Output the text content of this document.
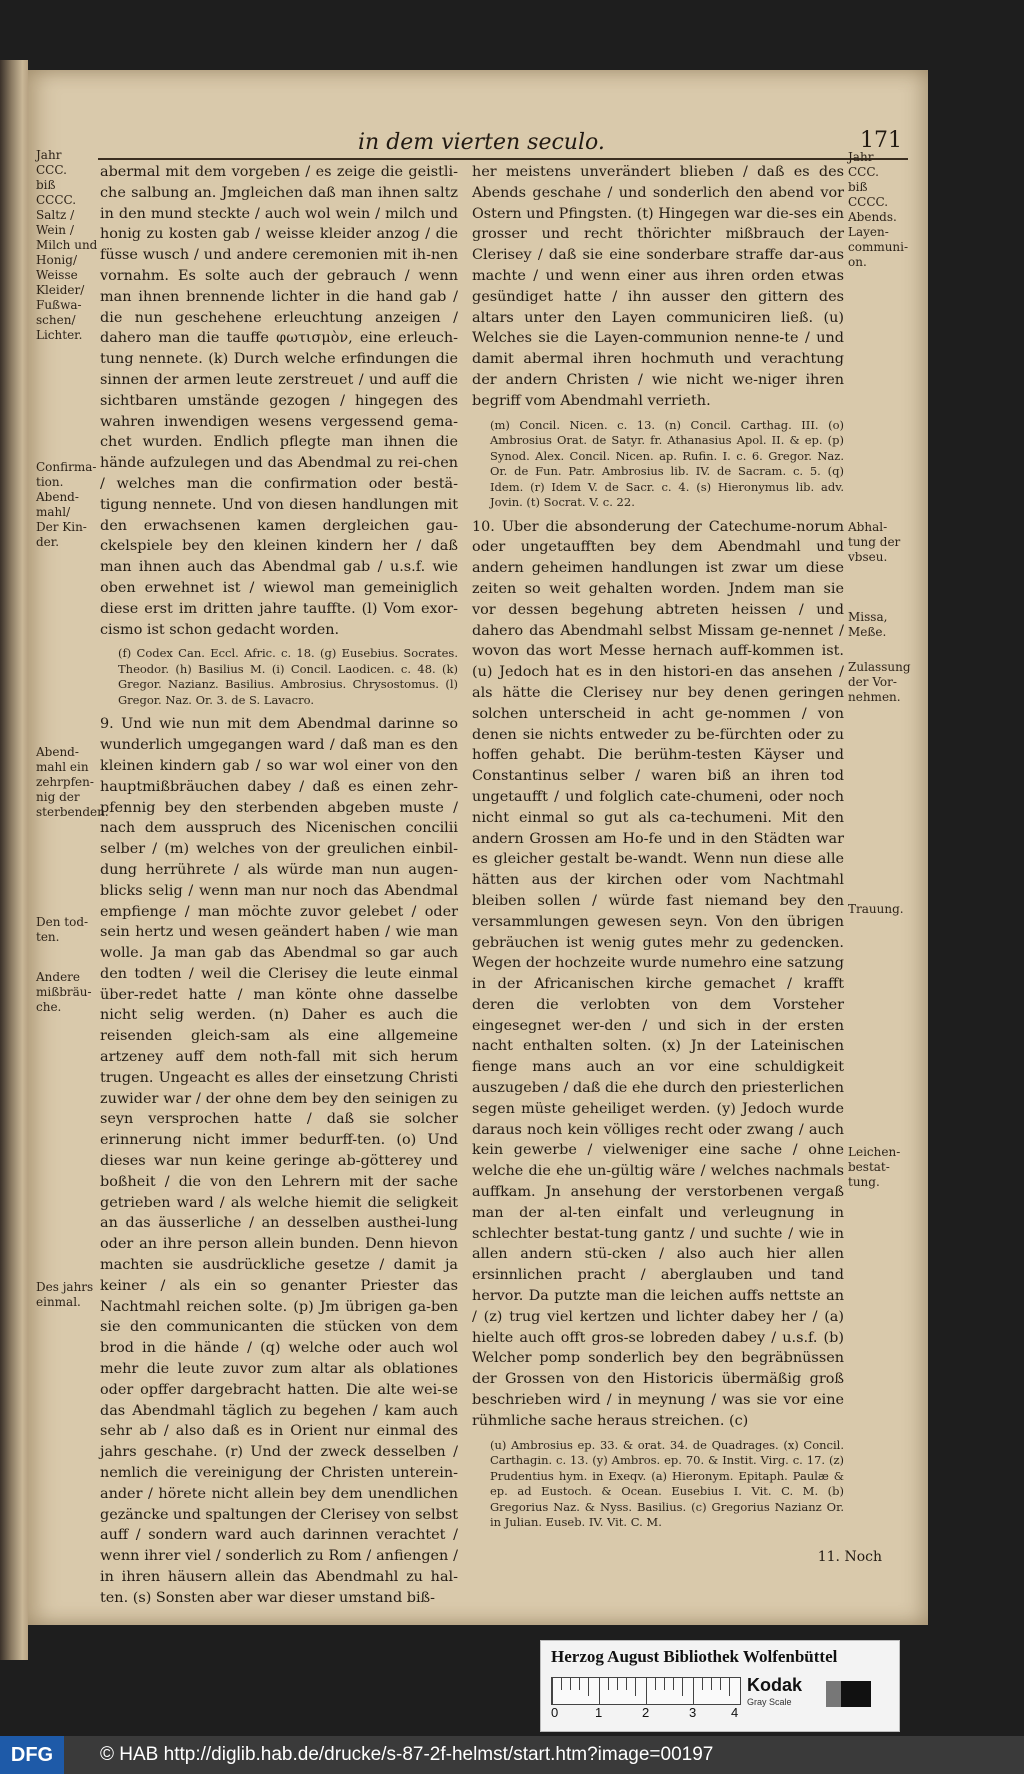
in dem vierten seculo.	171
Jahr
CCC.
biß
CCCC.
Saltz /
Wein /
Milch und
Honig/
Weisse
Kleider/
Fußwa-
schen/
Lichter.
Confirma-
tion.
Abend-
mahl/
Der Kin-
der.
Abend-
mahl ein
zehrpfen-
nig der
sterbenden.
Den tod-
ten.
Andere
mißbräu-
che.
Des jahrs
einmal.
Jahr
CCC.
biß
CCCC.
Abends.
Layen-
communi-
on.
Abhal-
tung der
vbseu.
Missa,
Meße.
Zulassung
der Vor-
nehmen.
Trauung.
Leichen-
bestat-
tung.

abermal mit dem vorgeben / es zeige die geistli-che salbung an. Jmgleichen daß man ihnen saltz in den mund steckte / auch wol wein / milch und honig zu kosten gab / weisse kleider anzog / die füsse wusch / und andere ceremonien mit ih-nen vornahm. Es solte auch der gebrauch / wenn man ihnen brennende lichter in die hand gab / die nun geschehene erleuchtung anzeigen / dahero man die tauffe φωτισμὸν, eine erleuch-tung nennete. (k) Durch welche erfindungen die sinnen der armen leute zerstreuet / und auff die sichtbaren umstände gezogen / hingegen des wahren inwendigen wesens vergessend gema-chet wurden. Endlich pflegte man ihnen die hände aufzulegen und das Abendmal zu rei-chen / welches man die confirmation oder bestä-tigung nennete. Und von diesen handlungen mit den erwachsenen kamen dergleichen gau-ckelspiele bey den kleinen kindern her / daß man ihnen auch das Abendmal gab / u.s.f. wie oben erwehnet ist / wiewol man gemeiniglich diese erst im dritten jahre tauffte. (l) Vom exor-cismo ist schon gedacht worden.

(f) Codex Can. Eccl. Afric. c. 18. (g) Eusebius. Socrates. Theodor. (h) Basilius M. (i) Concil. Laodicen. c. 48. (k) Gregor. Nazianz. Basilius. Ambrosius. Chrysostomus. (l) Gregor. Naz. Or. 3. de S. Lavacro.

9. Und wie nun mit dem Abendmal darinne so wunderlich umgegangen ward / daß man es den kleinen kindern gab / so war wol einer von den hauptmißbräuchen dabey / daß es einen zehr-pfennig bey den sterbenden abgeben muste / nach dem ausspruch des Nicenischen concilii selber / (m) welches von der greulichen einbil-dung herrührete / als würde man nun augen-blicks selig / wenn man nur noch das Abendmal empfienge / man möchte zuvor gelebet / oder sein hertz und wesen geändert haben / wie man wolle. Ja man gab das Abendmal so gar auch den todten / weil die Clerisey die leute einmal über-redet hatte / man könte ohne dasselbe nicht selig werden. (n) Daher es auch die reisenden gleich-sam als eine allgemeine artzeney auff dem noth-fall mit sich herum trugen. Ungeacht es alles der einsetzung Christi zuwider war / der ohne dem bey den seinigen zu seyn versprochen hatte / daß sie solcher erinnerung nicht immer bedurff-ten. (o) Und dieses war nun keine geringe ab-götterey und boßheit / die von den Lehrern mit der sache getrieben ward / als welche hiemit die seligkeit an das äusserliche / an desselben austhei-lung oder an ihre person allein bunden. Denn hievon machten sie ausdrückliche gesetze / damit ja keiner / als ein so genanter Priester das Nachtmahl reichen solte. (p) Jm übrigen ga-ben sie den communicanten die stücken von dem brod in die hände / (q) welche oder auch wol mehr die leute zuvor zum altar als oblationes oder opffer dargebracht hatten. Die alte wei-se das Abendmahl täglich zu begehen / kam auch sehr ab / also daß es in Orient nur einmal des jahrs geschahe. (r) Und der zweck desselben / nemlich die vereinigung der Christen unterein-ander / hörete nicht allein bey dem unendlichen gezäncke und spaltungen der Clerisey von selbst auff / sondern ward auch darinnen verachtet / wenn ihrer viel / sonderlich zu Rom / anfiengen / in ihren häusern allein das Abendmahl zu hal-ten. (s) Sonsten aber war dieser umstand biß-

her meistens unverändert blieben / daß es des Abends geschahe / und sonderlich den abend vor Ostern und Pfingsten. (t) Hingegen war die-ses ein grosser und recht thörichter mißbrauch der Clerisey / daß sie eine sonderbare straffe dar-aus machte / und wenn einer aus ihren orden etwas gesündiget hatte / ihn ausser den gittern des altars unter den Layen communiciren ließ. (u) Welches sie die Layen-communion nenne-te / und damit abermal ihren hochmuth und verachtung der andern Christen / wie nicht we-niger ihren begriff vom Abendmahl verrieth.

(m) Concil. Nicen. c. 13. (n) Concil. Carthag. III. (o) Ambrosius Orat. de Satyr. fr. Athanasius Apol. II. & ep. (p) Synod. Alex. Concil. Nicen. ap. Rufin. I. c. 6. Gregor. Naz. Or. de Fun. Patr. Ambrosius lib. IV. de Sacram. c. 5. (q) Idem. (r) Idem V. de Sacr. c. 4. (s) Hieronymus lib. adv. Jovin. (t) Socrat. V. c. 22.

10. Uber die absonderung der Catechume-norum oder ungetaufften bey dem Abendmahl und andern geheimen handlungen ist zwar um diese zeiten so weit gehalten worden. Jndem man sie vor dessen begehung abtreten heissen / und dahero das Abendmahl selbst Missam ge-nennet / wovon das wort Messe hernach auff-kommen ist. (u) Jedoch hat es in den histori-en das ansehen / als hätte die Clerisey nur bey denen geringen solchen unterscheid in acht ge-nommen / von denen sie nichts entweder zu be-fürchten oder zu hoffen gehabt. Die berühm-testen Käyser und Constantinus selber / waren biß an ihren tod ungetaufft / und folglich cate-chumeni, oder noch nicht einmal so gut als ca-techumeni. Mit den andern Grossen am Ho-fe und in den Städten war es gleicher gestalt be-wandt. Wenn nun diese alle hätten aus der kirchen oder vom Nachtmahl bleiben sollen / würde fast niemand bey den versammlungen gewesen seyn. Von den übrigen gebräuchen ist wenig gutes mehr zu gedencken. Wegen der hochzeite wurde numehro eine satzung in der Africanischen kirche gemachet / krafft deren die verlobten von dem Vorsteher eingesegnet wer-den / und sich in der ersten nacht enthalten solten. (x) Jn der Lateinischen fienge mans auch an vor eine schuldigkeit auszugeben / daß die ehe durch den priesterlichen segen müste geheiliget werden. (y) Jedoch wurde daraus noch kein völliges recht oder zwang / auch kein gewerbe / vielweniger eine sache / ohne welche die ehe un-gültig wäre / welches nachmals auffkam. Jn ansehung der verstorbenen vergaß man der al-ten einfalt und verleugnung in schlechter bestat-tung gantz / und suchte / wie in allen andern stü-cken / also auch hier allen ersinnlichen pracht / aberglauben und tand hervor. Da putzte man die leichen auffs nettste an / (z) trug viel kertzen und lichter dabey her / (a) hielte auch offt gros-se lobreden dabey / u.s.f. (b) Welcher pomp sonderlich bey den begräbnüssen der Grossen von den Historicis übermäßig groß beschrieben wird / in meynung / was sie vor eine rühmliche sache heraus streichen. (c)

(u) Ambrosius ep. 33. & orat. 34. de Quadrages. (x) Concil. Carthagin. c. 13. (y) Ambros. ep. 70. & Instit. Virg. c. 17. (z) Prudentius hym. in Exeqv. (a) Hieronym. Epitaph. Paulæ & ep. ad Eustoch. & Ocean. Eusebius I. Vit. C. M. (b) Gregorius Naz. & Nyss. Basilius. (c) Gregorius Nazianz Or. in Julian. Euseb. IV. Vit. C. M.

11. Noch
Herzog August Bibliothek Wolfenbüttel
0	1	2	3	4
Kodak
Gray Scale
DFG	© HAB http://diglib.hab.de/drucke/s-87-2f-helmst/start.htm?image=00197
